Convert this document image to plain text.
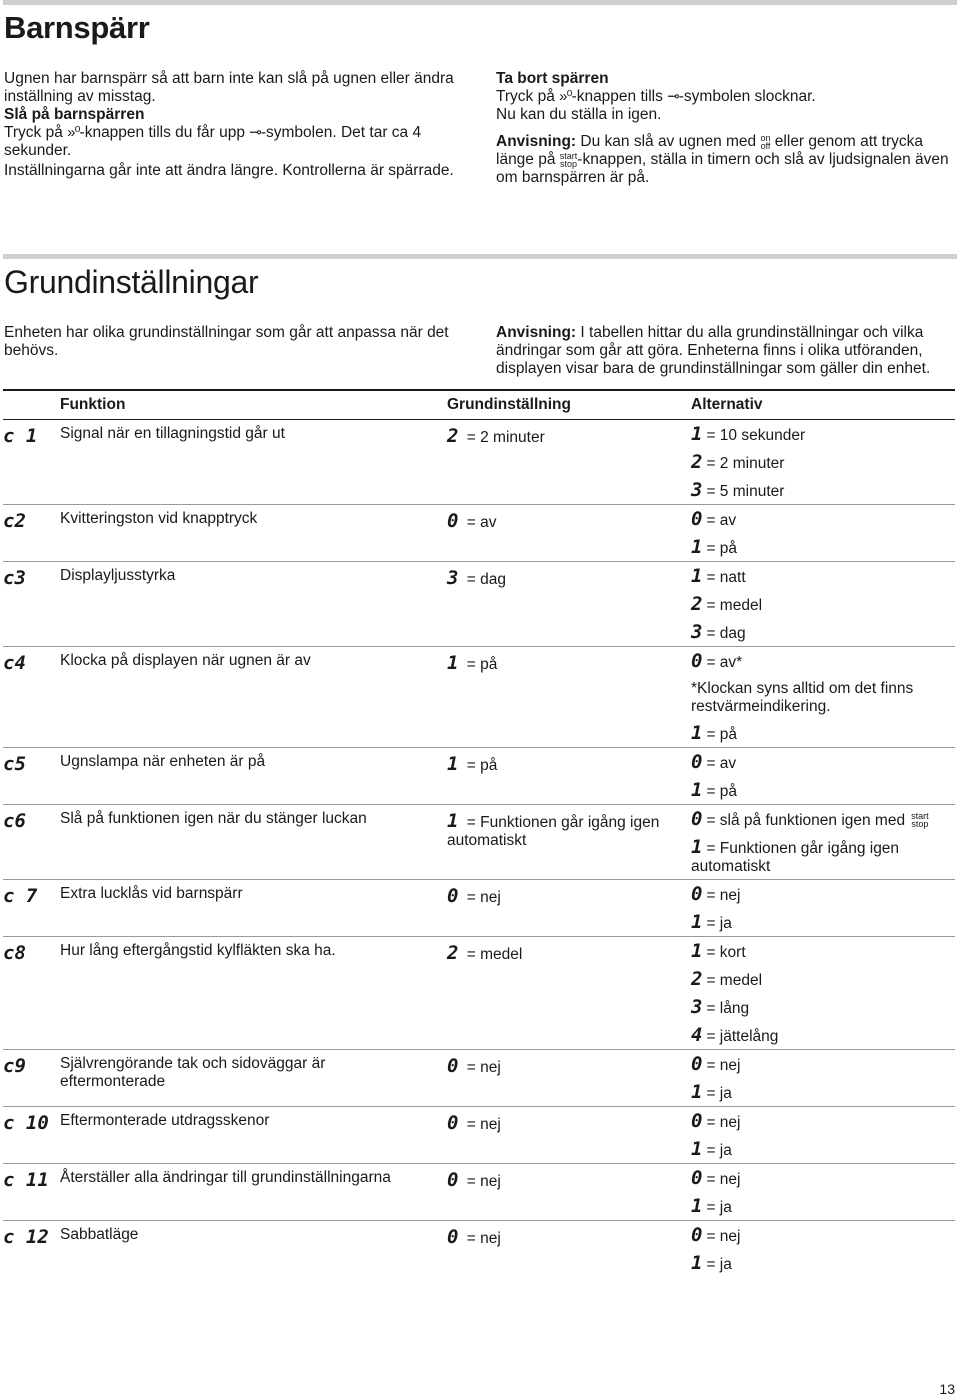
Barnspärr

Ugnen har barnspärr så att barn inte kan slå på ugnen eller ändra inställning av misstag.

Slå på barnspärren

Tryck på »⁰-knappen tills du får upp ⊸-symbolen. Det tar ca 4 sekunder.

Inställningarna går inte att ändra längre. Kontrollerna är spärrade.

Ta bort spärren

Tryck på »⁰-knappen tills ⊸-symbolen slocknar.

Nu kan du ställa in igen.

Anvisning: Du kan slå av ugnen med on
off eller genom att trycka länge på start
stop -knappen, ställa in timern och slå av ljudsignalen även om barnspärren är på.

Grundinställningar
Enheten har olika grundinställningar som går att anpassa när det behövs.
Anvisning: I tabellen hittar du alla grundinställningar och vilka ändringar som går att göra. Enheterna finns i olika utföranden, displayen visar bara de grundinställningar som gäller din enhet.
	Funktion	Grundinställning	Alternativ
c 1	Signal när en tillagningstid går ut	2 = 2 minuter	1 = 10 sekunder
2 = 2 minuter
3 = 5 minuter

c2	Kvitteringston vid knapptryck	0 = av	0 = av
1 = på

c3	Displayljusstyrka	3 = dag	1 = natt
2 = medel
3 = dag

c4	Klocka på displayen när ugnen är av	1 = på	0 = av*
*Klockan syns alltid om det finns restvärmeindikering.
1 = på

c5	Ugnslampa när enheten är på	1 = på	0 = av
1 = på

c6	Slå på funktionen igen när du stänger luckan	1 = Funktionen går igång igen automatiskt	0 = slå på funktionen igen med start
stop
1 = Funktionen går igång igen automatiskt

c 7	Extra lucklås vid barnspärr	0 = nej	0 = nej
1 = ja

c8	Hur lång eftergångstid kylfläkten ska ha.	2 = medel	1 = kort
2 = medel
3 = lång
4 = jättelång

c9	Självrengörande tak och sidoväggar är eftermonterade	0 = nej	0 = nej
1 = ja

c 10	Eftermonterade utdragsskenor	0 = nej	0 = nej
1 = ja

c 11	Återställer alla ändringar till grundinställningarna	0 = nej	0 = nej
1 = ja

c 12	Sabbatläge	0 = nej	0 = nej
1 = ja
13
